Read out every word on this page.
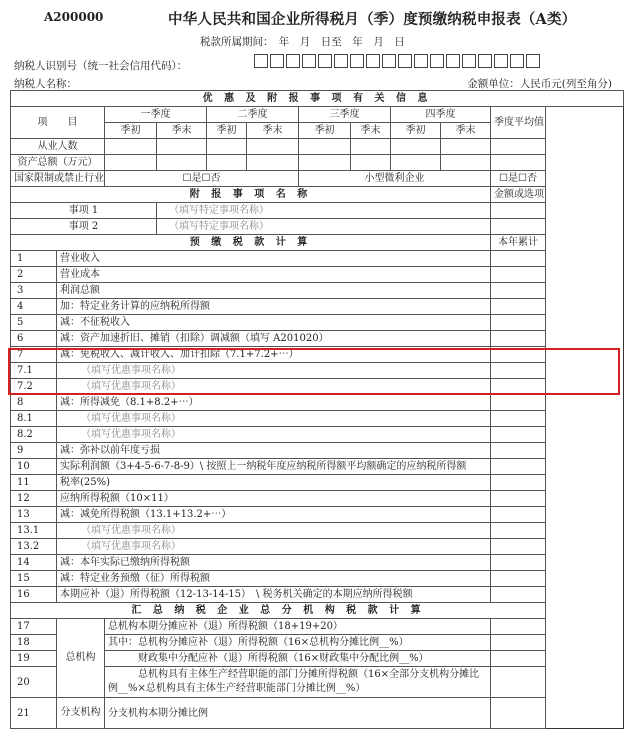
A200000	中华人民共和国企业所得税月（季）度预缴纳税申报表（A类）
税款所属期间：　年　月　日至　年　月　日
纳税人识别号（统一社会信用代码）：
纳税人名称：	金额单位：人民币元(列至角分)
优 惠 及 附 报 事 项 有 关 信 息										
项　　目		一季度		二季度		三季度		四季度		季度平均值
		季初	季末	季初	季末	季初	季末	季初	季末	
从业人数										
资产总额（万元）										
国家限制或禁止行业		☐是☐否				小型微利企业				☐是☐否
附 报 事 项 名 称										金额或选项
事项 1			（填写特定事项名称）							
事项 2			（填写特定事项名称）							
预 缴 税 款 计 算										本年累计
1	营业收入									
2	营业成本									
3	利润总额									
4	加：特定业务计算的应纳税所得额									
5	减：不征税收入									
6	减：资产加速折旧、摊销（扣除）调减额（填写 A201020）									
7	减：免税收入、减计收入、加计扣除（7.1+7.2+⋯）									
7.1	（填写优惠事项名称）									
7.2	（填写优惠事项名称）									
8	减：所得减免（8.1+8.2+⋯）									
8.1	（填写优惠事项名称）									
8.2	（填写优惠事项名称）									
9	减：弥补以前年度亏损									
10	实际利润额（3+4-5-6-7-8-9）\ 按照上一纳税年度应纳税所得额平均额确定的应纳税所得额									
11	税率(25%)									
12	应纳所得税额（10×11）									
13	减：减免所得税额（13.1+13.2+⋯）									
13.1	（填写优惠事项名称）									
13.2	（填写优惠事项名称）									
14	减：本年实际已缴纳所得税额									
15	减：特定业务预缴（征）所得税额									
16	本期应补（退）所得税额（12-13-14-15）　\ 税务机关确定的本期应纳所得税额									
汇 总 纳 税 企 业 总 分 机 构 税 款 计 算										
17	总机构	总机构本期分摊应补（退）所得税额（18+19+20）								
18		其中：总机构分摊应补（退）所得税额（16×总机构分摊比例__%）								
19		　　　财政集中分配应补（退）所得税额（16×财政集中分配比例__%）								
20		　　　总机构具有主体生产经营职能的部门分摊所得税额（16×全部分支机构分摊比例__%×总机构具有主体生产经营职能部门分摊比例__%）								
21	分支机构	分支机构本期分摊比例								
